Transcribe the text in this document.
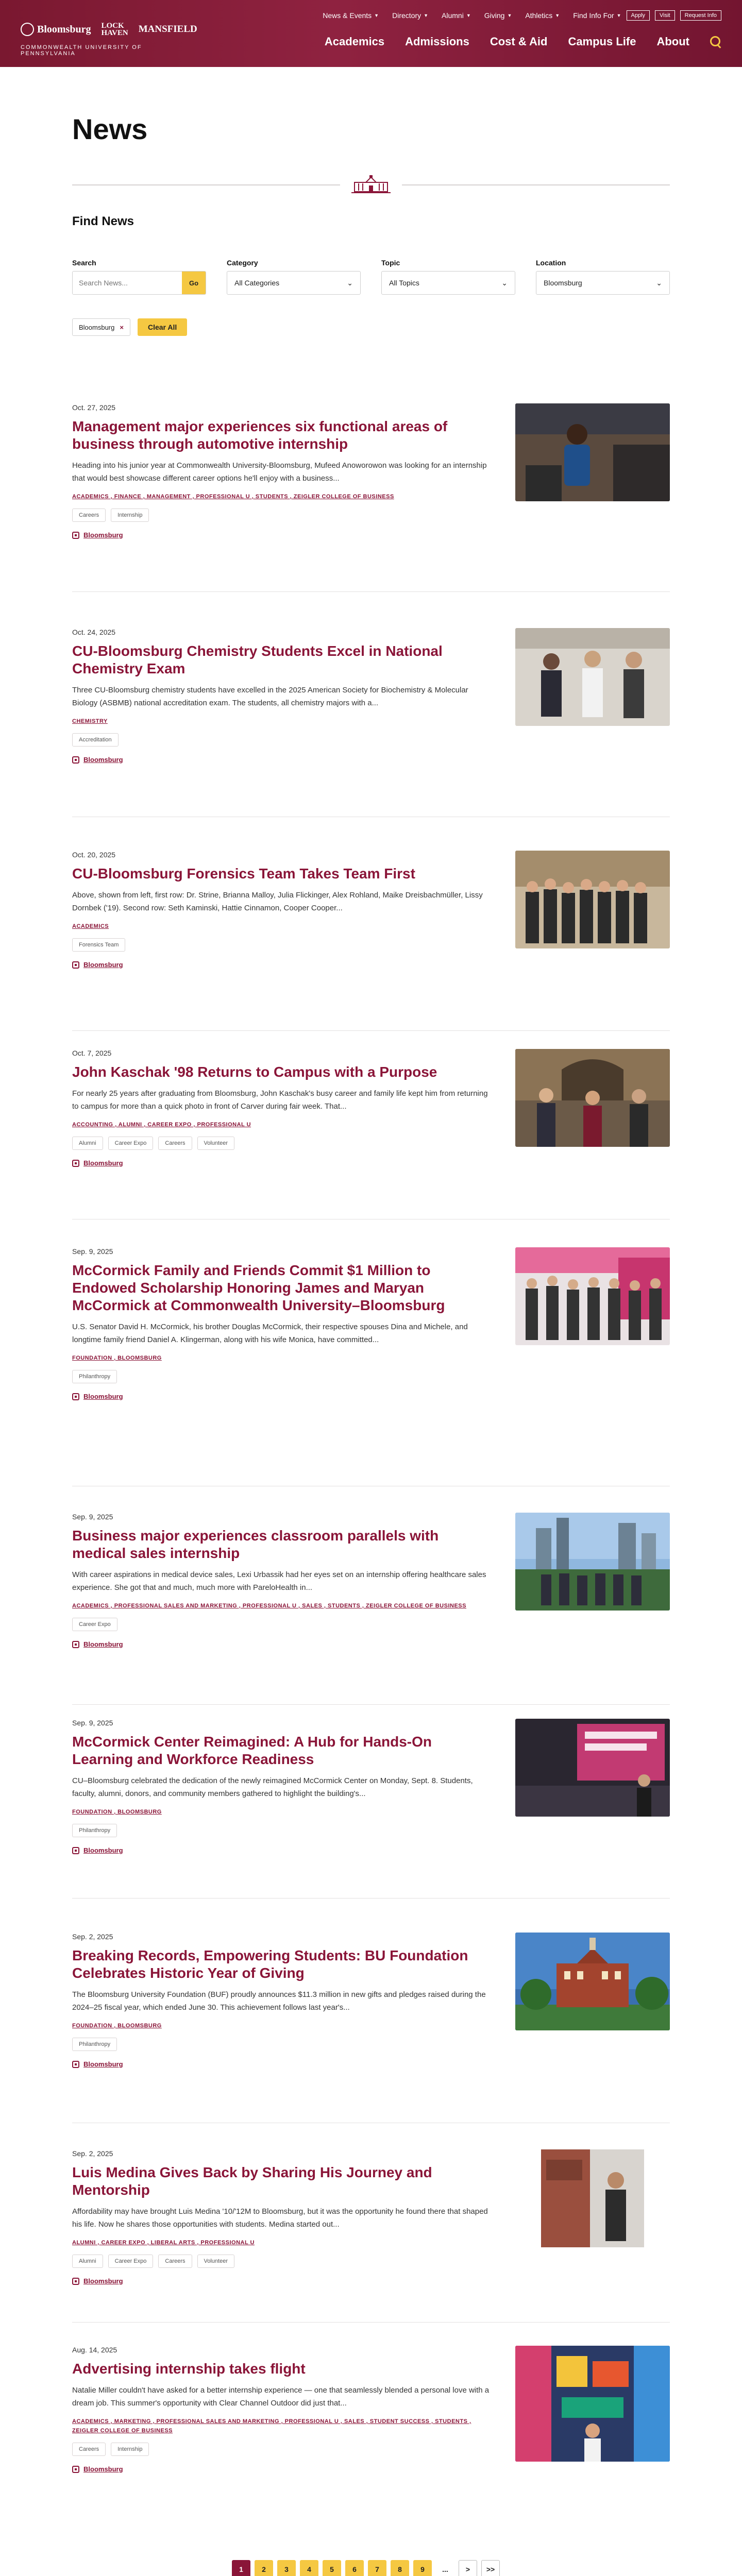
Bloomsburg LOCK
HAVEN MANSFIELD
COMMONWEALTH UNIVERSITY OF PENNSYLVANIA
News & Events ▼ Directory ▼ Alumni ▼ Giving ▼ Athletics ▼ Find Info For ▼	Apply	Visit	Request Info
Academics Admissions Cost & Aid Campus Life About
News
Find News
Search
Search News...
Go
Category
All Categories	⌄
Topic
All Topics	⌄
Location
Bloomsburg	⌄
Bloomsburg ×	Clear All
Oct. 27, 2025
Management major experiences six functional areas of business through automotive internship
Heading into his junior year at Commonwealth University-Bloomsburg, Mufeed Anoworowon was looking for an internship that would best showcase different career options he'll enjoy with a business...
ACADEMICS , FINANCE , MANAGEMENT , PROFESSIONAL U , STUDENTS , ZEIGLER COLLEGE OF BUSINESS
Careers	Internship
Bloomsburg
Oct. 24, 2025
CU-Bloomsburg Chemistry Students Excel in National Chemistry Exam
Three CU-Bloomsburg chemistry students have excelled in the 2025 American Society for Biochemistry & Molecular Biology (ASBMB) national accreditation exam. The students, all chemistry majors with a...
CHEMISTRY
Accreditation
Bloomsburg
Oct. 20, 2025
CU-Bloomsburg Forensics Team Takes Team First
Above, shown from left, first row: Dr. Strine, Brianna Malloy, Julia Flickinger, Alex Rohland, Maike Dreisbachmüller, Lissy Dornbek ('19). Second row: Seth Kaminski, Hattie Cinnamon, Cooper Cooper...
ACADEMICS
Forensics Team
Bloomsburg
Oct. 7, 2025
John Kaschak '98 Returns to Campus with a Purpose
For nearly 25 years after graduating from Bloomsburg, John Kaschak's busy career and family life kept him from returning to campus for more than a quick photo in front of Carver during fair week. That...
ACCOUNTING , ALUMNI , CAREER EXPO , PROFESSIONAL U
Alumni	Career Expo	Careers	Volunteer
Bloomsburg
Sep. 9, 2025
McCormick Family and Friends Commit $1 Million to Endowed Scholarship Honoring James and Maryan McCormick at Commonwealth University–Bloomsburg
U.S. Senator David H. McCormick, his brother Douglas McCormick, their respective spouses Dina and Michele, and longtime family friend Daniel A. Klingerman, along with his wife Monica, have committed...
FOUNDATION , BLOOMSBURG
Philanthropy
Bloomsburg
Sep. 9, 2025
Business major experiences classroom parallels with medical sales internship
With career aspirations in medical device sales, Lexi Urbassik had her eyes set on an internship offering healthcare sales experience. She got that and much, much more with PareloHealth in...
ACADEMICS , PROFESSIONAL SALES AND MARKETING , PROFESSIONAL U , SALES , STUDENTS , ZEIGLER COLLEGE OF BUSINESS
Career Expo
Bloomsburg
Sep. 9, 2025
McCormick Center Reimagined: A Hub for Hands-On Learning and Workforce Readiness
CU–Bloomsburg celebrated the dedication of the newly reimagined McCormick Center on Monday, Sept. 8. Students, faculty, alumni, donors, and community members gathered to highlight the building's...
FOUNDATION , BLOOMSBURG
Philanthropy
Bloomsburg
Sep. 2, 2025
Breaking Records, Empowering Students: BU Foundation Celebrates Historic Year of Giving
The Bloomsburg University Foundation (BUF) proudly announces $11.3 million in new gifts and pledges raised during the 2024–25 fiscal year, which ended June 30. This achievement follows last year's...
FOUNDATION , BLOOMSBURG
Philanthropy
Bloomsburg
Sep. 2, 2025
Luis Medina Gives Back by Sharing His Journey and Mentorship
Affordability may have brought Luis Medina '10/'12M to Bloomsburg, but it was the opportunity he found there that shaped his life. Now he shares those opportunities with students. Medina started out...
ALUMNI , CAREER EXPO , LIBERAL ARTS , PROFESSIONAL U
Alumni	Career Expo	Careers	Volunteer
Bloomsburg
Aug. 14, 2025
Advertising internship takes flight
Natalie Miller couldn't have asked for a better internship experience — one that seamlessly blended a personal love with a dream job. This summer's opportunity with Clear Channel Outdoor did just that...
ACADEMICS , MARKETING , PROFESSIONAL SALES AND MARKETING , PROFESSIONAL U , SALES , STUDENT SUCCESS , STUDENTS , ZEIGLER COLLEGE OF BUSINESS
Careers	Internship
Bloomsburg
1	2	3	4	5	6	7	8	9	...	>	>>
